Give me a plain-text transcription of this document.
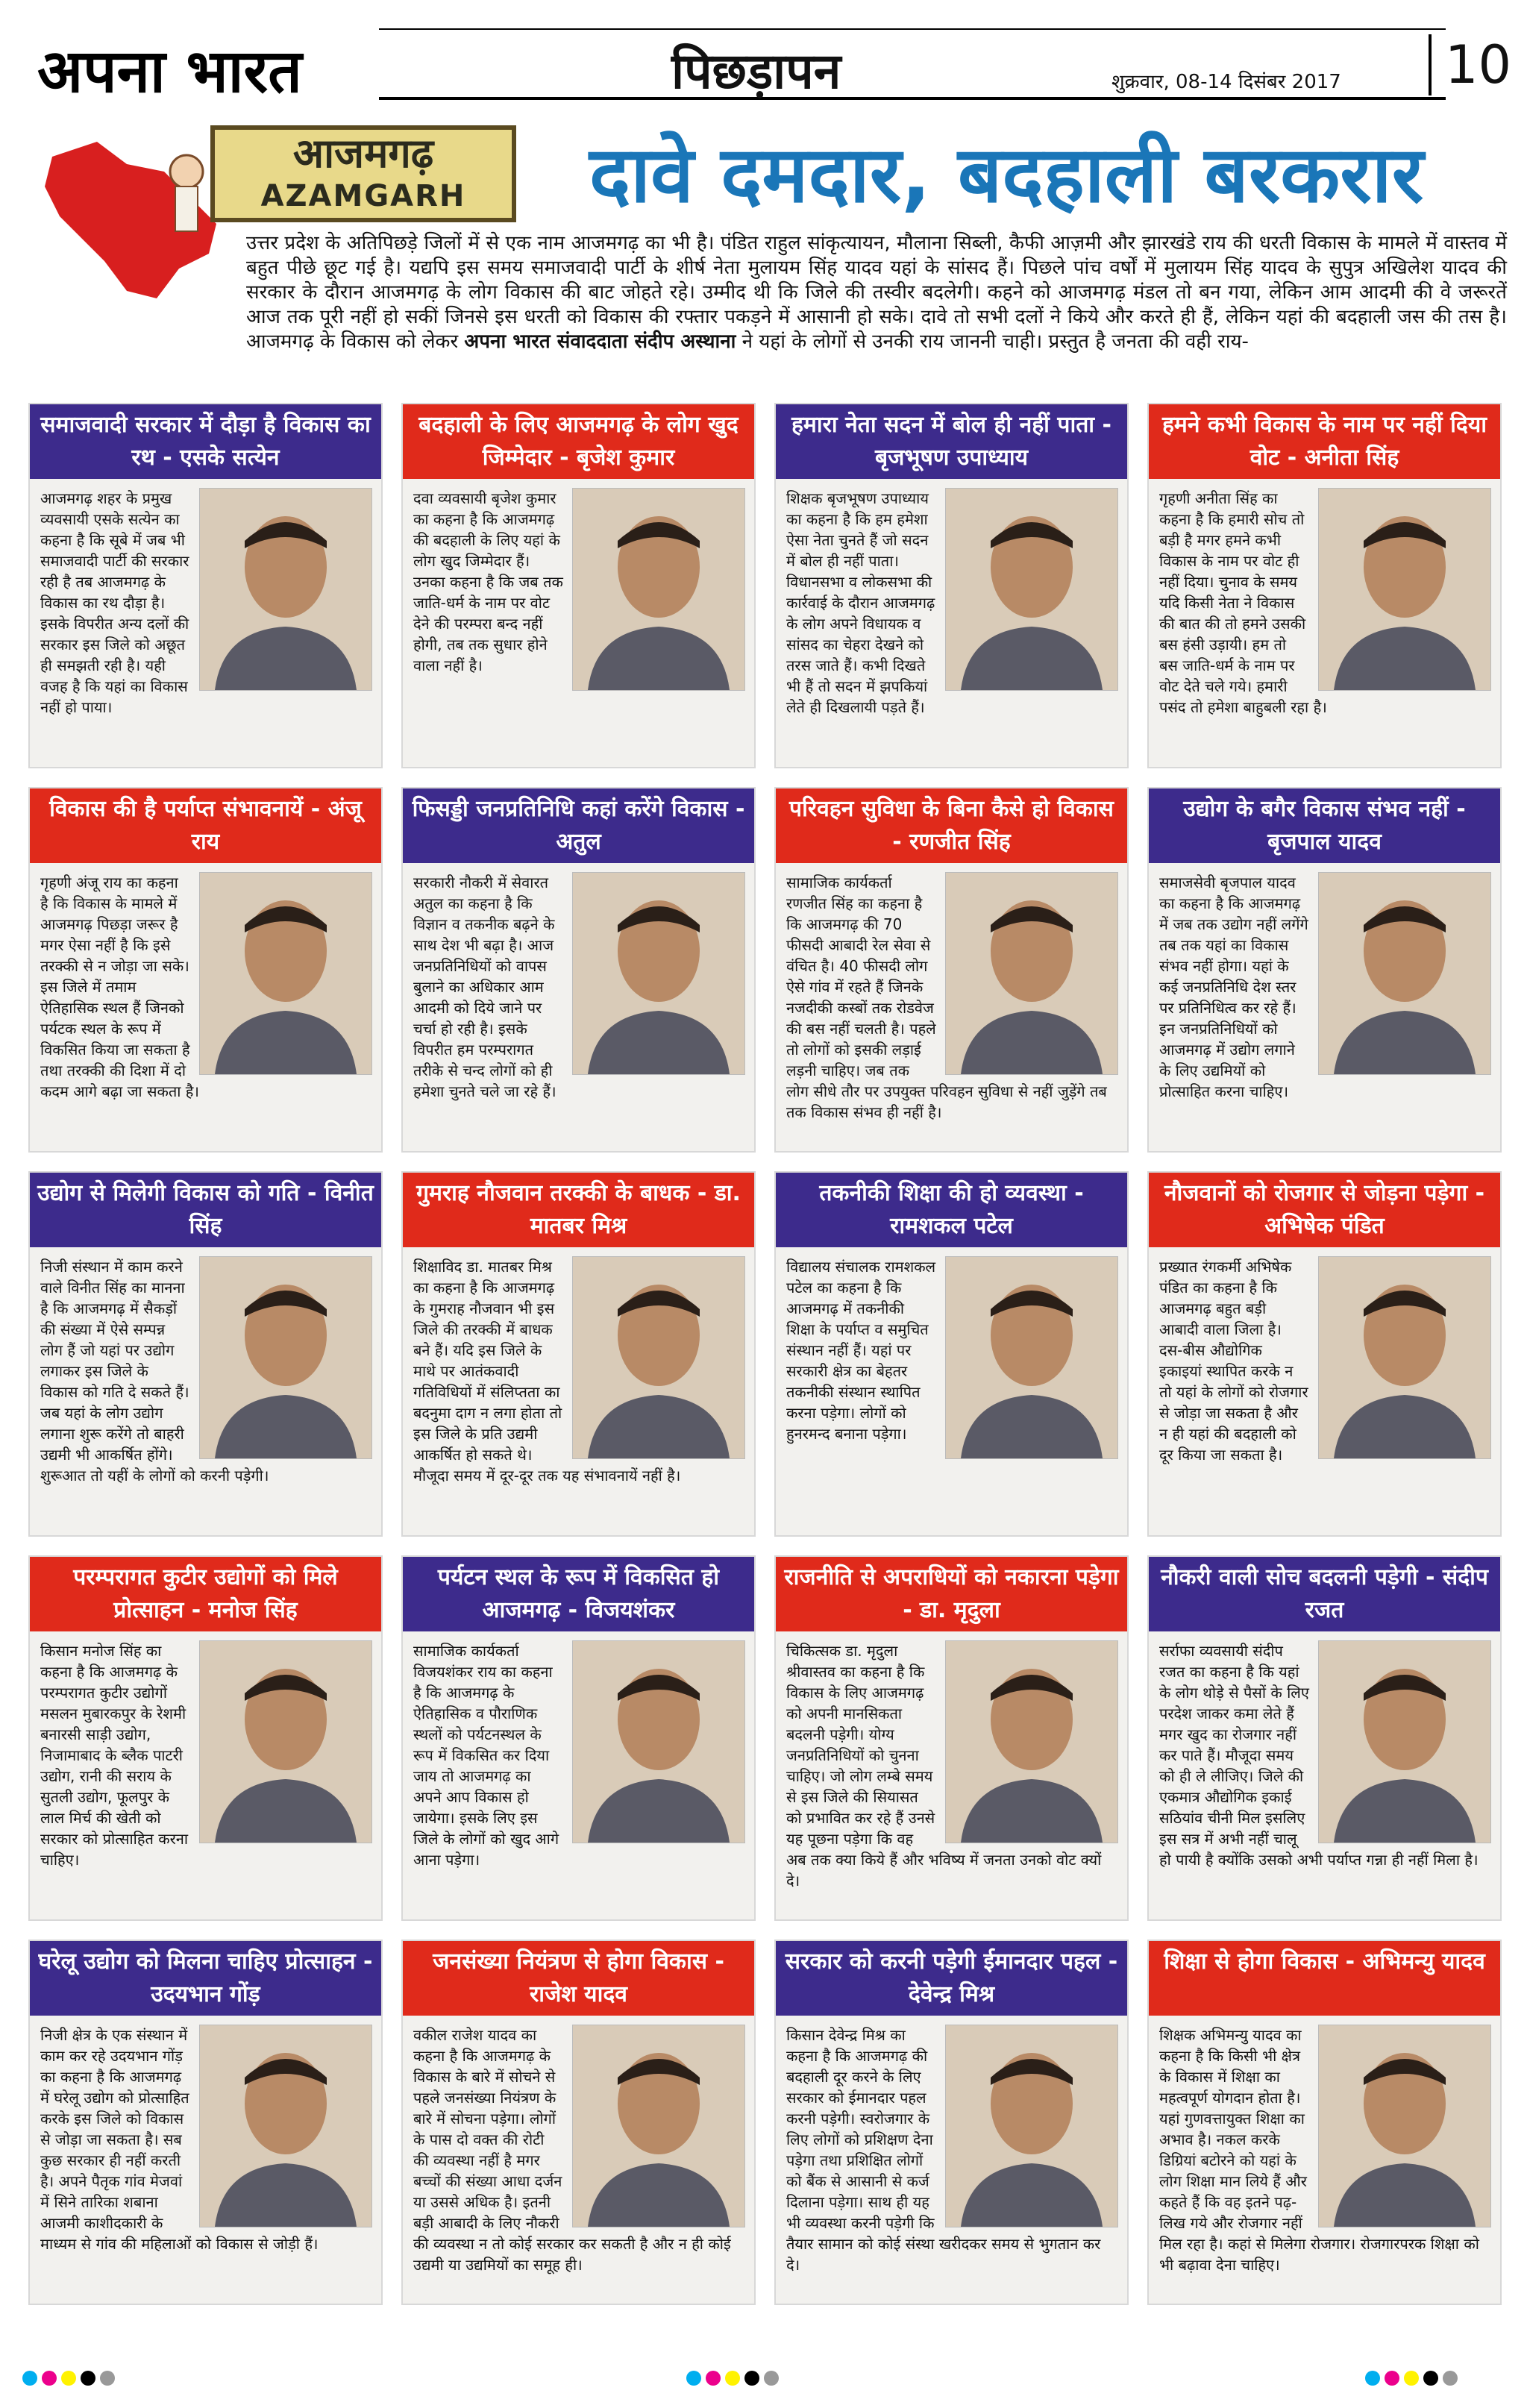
अपना भारत	पिछड़ापन	शुक्रवार, 08-14 दिसंबर 2017	10
आजमगढ़
AZAMGARH	दावे दमदार, बदहाली बरकरार
उत्तर प्रदेश के अतिपिछड़े जिलों में से एक नाम आजमगढ़ का भी है। पंडित राहुल सांकृत्यायन, मौलाना सिब्ली, कैफी आज़मी और झारखंडे राय की धरती विकास के मामले में वास्तव में बहुत पीछे छूट गई है। यद्यपि इस समय समाजवादी पार्टी के शीर्ष नेता मुलायम सिंह यादव यहां के सांसद हैं। पिछले पांच वर्षों में मुलायम सिंह यादव के सुपुत्र अखिलेश यादव की सरकार के दौरान आजमगढ़ के लोग विकास की बाट जोहते रहे। उम्मीद थी कि जिले की तस्वीर बदलेगी। कहने को आजमगढ़ मंडल तो बन गया, लेकिन आम आदमी की वे जरूरतें आज तक पूरी नहीं हो सकीं जिनसे इस धरती को विकास की रफ्तार पकड़ने में आसानी हो सके। दावे तो सभी दलों ने किये और करते ही हैं, लेकिन यहां की बदहाली जस की तस है। आजमगढ़ के विकास को लेकर अपना भारत संवाददाता संदीप अस्थाना ने यहां के लोगों से उनकी राय जाननी चाही। प्रस्तुत है जनता की वही राय-
समाजवादी सरकार में दौड़ा है विकास का रथ - एसके सत्येन

आजमगढ़ शहर के प्रमुख व्यवसायी एसके सत्येन का कहना है कि सूबे में जब भी समाजवादी पार्टी की सरकार रही है तब आजमगढ़ के विकास का रथ दौड़ा है। इसके विपरीत अन्य दलों की सरकार इस जिले को अछूत ही समझती रही है। यही वजह है कि यहां का विकास नहीं हो पाया।

बदहाली के लिए आजमगढ़ के लोग खुद जिम्मेदार - बृजेश कुमार

दवा व्यवसायी बृजेश कुमार का कहना है कि आजमगढ़ की बदहाली के लिए यहां के लोग खुद जिम्मेदार हैं। उनका कहना है कि जब तक जाति-धर्म के नाम पर वोट देने की परम्परा बन्द नहीं होगी, तब तक सुधार होने वाला नहीं है।

हमारा नेता सदन में बोल ही नहीं पाता - बृजभूषण उपाध्याय

शिक्षक बृजभूषण उपाध्याय का कहना है कि हम हमेशा ऐसा नेता चुनते हैं जो सदन में बोल ही नहीं पाता। विधानसभा व लोकसभा की कार्रवाई के दौरान आजमगढ़ के लोग अपने विधायक व सांसद का चेहरा देखने को तरस जाते हैं। कभी दिखते भी हैं तो सदन में झपकियां लेते ही दिखलायी पड़ते हैं।

हमने कभी विकास के नाम पर नहीं दिया वोट - अनीता सिंह

गृहणी अनीता सिंह का कहना है कि हमारी सोच तो बड़ी है मगर हमने कभी विकास के नाम पर वोट ही नहीं दिया। चुनाव के समय यदि किसी नेता ने विकास की बात की तो हमने उसकी बस हंसी उड़ायी। हम तो बस जाति-धर्म के नाम पर वोट देते चले गये। हमारी पसंद तो हमेशा बाहुबली रहा है।

विकास की है पर्याप्त संभावनायें - अंजू राय

गृहणी अंजू राय का कहना है कि विकास के मामले में आजमगढ़ पिछड़ा जरूर है मगर ऐसा नहीं है कि इसे तरक्की से न जोड़ा जा सके। इस जिले में तमाम ऐतिहासिक स्थल हैं जिनको पर्यटक स्थल के रूप में विकसित किया जा सकता है तथा तरक्की की दिशा में दो कदम आगे बढ़ा जा सकता है।

फिसड्डी जनप्रतिनिधि कहां करेंगे विकास - अतुल

सरकारी नौकरी में सेवारत अतुल का कहना है कि विज्ञान व तकनीक बढ़ने के साथ देश भी बढ़ा है। आज जनप्रतिनिधियों को वापस बुलाने का अधिकार आम आदमी को दिये जाने पर चर्चा हो रही है। इसके विपरीत हम परम्परागत तरीके से चन्द लोगों को ही हमेशा चुनते चले जा रहे हैं।

परिवहन सुविधा के बिना कैसे हो विकास - रणजीत सिंह

सामाजिक कार्यकर्ता रणजीत सिंह का कहना है कि आजमगढ़ की 70 फीसदी आबादी रेल सेवा से वंचित है। 40 फीसदी लोग ऐसे गांव में रहते हैं जिनके नजदीकी कस्बों तक रोडवेज की बस नहीं चलती है। पहले तो लोगों को इसकी लड़ाई लड़नी चाहिए। जब तक लोग सीधे तौर पर उपयुक्त परिवहन सुविधा से नहीं जुड़ेंगे तब तक विकास संभव ही नहीं है।

उद्योग के बगैर विकास संभव नहीं - बृजपाल यादव

समाजसेवी बृजपाल यादव का कहना है कि आजमगढ़ में जब तक उद्योग नहीं लगेंगे तब तक यहां का विकास संभव नहीं होगा। यहां के कई जनप्रतिनिधि देश स्तर पर प्रतिनिधित्व कर रहे हैं। इन जनप्रतिनिधियों को आजमगढ़ में उद्योग लगाने के लिए उद्यमियों को प्रोत्साहित करना चाहिए।

उद्योग से मिलेगी विकास को गति - विनीत सिंह

निजी संस्थान में काम करने वाले विनीत सिंह का मानना है कि आजमगढ़ में सैकड़ों की संख्या में ऐसे सम्पन्न लोग हैं जो यहां पर उद्योग लगाकर इस जिले के विकास को गति दे सकते हैं। जब यहां के लोग उद्योग लगाना शुरू करेंगे तो बाहरी उद्यमी भी आकर्षित होंगे। शुरूआत तो यहीं के लोगों को करनी पड़ेगी।

गुमराह नौजवान तरक्की के बाधक - डा. मातबर मिश्र

शिक्षाविद डा. मातबर मिश्र का कहना है कि आजमगढ़ के गुमराह नौजवान भी इस जिले की तरक्की में बाधक बने हैं। यदि इस जिले के माथे पर आतंकवादी गतिविधियों में संलिप्तता का बदनुमा दाग न लगा होता तो इस जिले के प्रति उद्यमी आकर्षित हो सकते थे। मौजूदा समय में दूर-दूर तक यह संभावनायें नहीं है।

तकनीकी शिक्षा की हो व्यवस्था - रामशकल पटेल

विद्यालय संचालक रामशकल पटेल का कहना है कि आजमगढ़ में तकनीकी शिक्षा के पर्याप्त व समुचित संस्थान नहीं हैं। यहां पर सरकारी क्षेत्र का बेहतर तकनीकी संस्थान स्थापित करना पड़ेगा। लोगों को हुनरमन्द बनाना पड़ेगा।

नौजवानों को रोजगार से जोड़ना पड़ेगा - अभिषेक पंडित

प्रख्यात रंगकर्मी अभिषेक पंडित का कहना है कि आजमगढ़ बहुत बड़ी आबादी वाला जिला है। दस-बीस औद्योगिक इकाइयां स्थापित करके न तो यहां के लोगों को रोजगार से जोड़ा जा सकता है और न ही यहां की बदहाली को दूर किया जा सकता है।

परम्परागत कुटीर उद्योगों को मिले प्रोत्साहन - मनोज सिंह

किसान मनोज सिंह का कहना है कि आजमगढ़ के परम्परागत कुटीर उद्योगों मसलन मुबारकपुर के रेशमी बनारसी साड़ी उद्योग, निजामाबाद के ब्लैक पाटरी उद्योग, रानी की सराय के सुतली उद्योग, फूलपुर के लाल मिर्च की खेती को सरकार को प्रोत्साहित करना चाहिए।

पर्यटन स्थल के रूप में विकसित हो आजमगढ़ - विजयशंकर

सामाजिक कार्यकर्ता विजयशंकर राय का कहना है कि आजमगढ़ के ऐतिहासिक व पौराणिक स्थलों को पर्यटनस्थल के रूप में विकसित कर दिया जाय तो आजमगढ़ का अपने आप विकास हो जायेगा। इसके लिए इस जिले के लोगों को खुद आगे आना पड़ेगा।

राजनीति से अपराधियों को नकारना पड़ेगा - डा. मृदुला

चिकित्सक डा. मृदुला श्रीवास्तव का कहना है कि विकास के लिए आजमगढ़ को अपनी मानसिकता बदलनी पड़ेगी। योग्य जनप्रतिनिधियों को चुनना चाहिए। जो लोग लम्बे समय से इस जिले की सियासत को प्रभावित कर रहे हैं उनसे यह पूछना पड़ेगा कि वह अब तक क्या किये हैं और भविष्य में जनता उनको वोट क्यों दे।

नौकरी वाली सोच बदलनी पड़ेगी - संदीप रजत

सर्राफा व्यवसायी संदीप रजत का कहना है कि यहां के लोग थोड़े से पैसों के लिए परदेश जाकर कमा लेते हैं मगर खुद का रोजगार नहीं कर पाते हैं। मौजूदा समय को ही ले लीजिए। जिले की एकमात्र औद्योगिक इकाई सठियांव चीनी मिल इसलिए इस सत्र में अभी नहीं चालू हो पायी है क्योंकि उसको अभी पर्याप्त गन्ना ही नहीं मिला है।

घरेलू उद्योग को मिलना चाहिए प्रोत्साहन - उदयभान गोंड़

निजी क्षेत्र के एक संस्थान में काम कर रहे उदयभान गोंड़ का कहना है कि आजमगढ़ में घरेलू उद्योग को प्रोत्साहित करके इस जिले को विकास से जोड़ा जा सकता है। सब कुछ सरकार ही नहीं करती है। अपने पैतृक गांव मेजवां में सिने तारिका शबाना आजमी काशीदकारी के माध्यम से गांव की महिलाओं को विकास से जोड़ी हैं।

जनसंख्या नियंत्रण से होगा विकास - राजेश यादव

वकील राजेश यादव का कहना है कि आजमगढ़ के विकास के बारे में सोचने से पहले जनसंख्या नियंत्रण के बारे में सोचना पड़ेगा। लोगों के पास दो वक्त की रोटी की व्यवस्था नहीं है मगर बच्चों की संख्या आधा दर्जन या उससे अधिक है। इतनी बड़ी आबादी के लिए नौकरी की व्यवस्था न तो कोई सरकार कर सकती है और न ही कोई उद्यमी या उद्यमियों का समूह ही।

सरकार को करनी पड़ेगी ईमानदार पहल - देवेन्द्र मिश्र

किसान देवेन्द्र मिश्र का कहना है कि आजमगढ़ की बदहाली दूर करने के लिए सरकार को ईमानदार पहल करनी पड़ेगी। स्वरोजगार के लिए लोगों को प्रशिक्षण देना पड़ेगा तथा प्रशिक्षित लोगों को बैंक से आसानी से कर्ज दिलाना पड़ेगा। साथ ही यह भी व्यवस्था करनी पड़ेगी कि तैयार सामान को कोई संस्था खरीदकर समय से भुगतान कर दे।

शिक्षा से होगा विकास - अभिमन्यु यादव

शिक्षक अभिमन्यु यादव का कहना है कि किसी भी क्षेत्र के विकास में शिक्षा का महत्वपूर्ण योगदान होता है। यहां गुणवत्तायुक्त शिक्षा का अभाव है। नकल करके डिग्रियां बटोरने को यहां के लोग शिक्षा मान लिये हैं और कहते हैं कि वह इतने पढ़-लिख गये और रोजगार नहीं मिल रहा है। कहां से मिलेगा रोजगार। रोजगारपरक शिक्षा को भी बढ़ावा देना चाहिए।
